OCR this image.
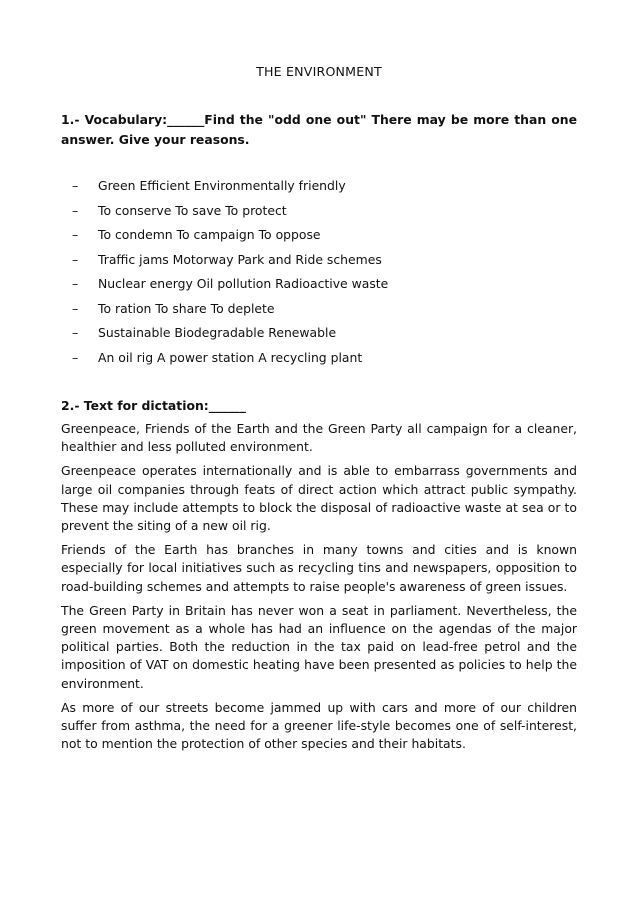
THE ENVIRONMENT
1.- Vocabulary:______Find the "odd one out" There may be more than one
answer. Give your reasons.
– Green Efficient Environmentally friendly
– To conserve To save To protect
– To condemn To campaign To oppose
– Traffic jams Motorway Park and Ride schemes
– Nuclear energy Oil pollution Radioactive waste
– To ration To share To deplete
– Sustainable Biodegradable Renewable
– An oil rig A power station A recycling plant
2.- Text for dictation:______

Greenpeace, Friends of the Earth and the Green Party all campaign for a cleaner, healthier and less polluted environment.

Greenpeace operates internationally and is able to embarrass governments and large oil companies through feats of direct action which attract public sympathy. These may include attempts to block the disposal of radioactive waste at sea or to prevent the siting of a new oil rig.

Friends of the Earth has branches in many towns and cities and is known especially for local initiatives such as recycling tins and newspapers, opposition to road-building schemes and attempts to raise people's awareness of green issues.

The Green Party in Britain has never won a seat in parliament. Nevertheless, the green movement as a whole has had an influence on the agendas of the major political parties. Both the reduction in the tax paid on lead-free petrol and the imposition of VAT on domestic heating have been presented as policies to help the environment.

As more of our streets become jammed up with cars and more of our children suffer from asthma, the need for a greener life-style becomes one of self-interest, not to mention the protection of other species and their habitats.
